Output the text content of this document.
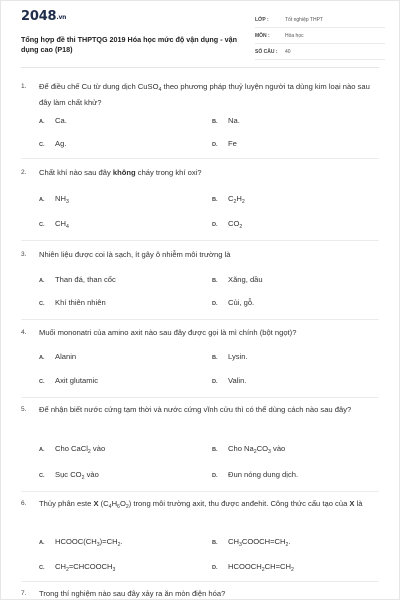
2048.vn
Tổng hợp đề thi THPTQG 2019 Hóa học mức độ vận dụng - vận dụng cao (P18)
LỚP :	Tốt nghiệp THPT
MÔN :	Hóa học
SỐ CÂU :	40
1.	Để điều chế Cu từ dung dịch CuSO$_4$ theo phương pháp thuỷ luyện người ta dùng kim loại nào sau đây làm chất khử?
A. Ca.	B. Na.
C. Ag.	D. Fe
2.	Chất khí nào sau đây không cháy trong khí oxi?
A. $NH_3$	B. $C_2H_2$
C. $CH_4$	D. $CO_2$
3.	Nhiên liệu được coi là sạch, ít gây ô nhiễm môi trường là
A. Than đá, than cốc	B. Xăng, dầu
C. Khí thiên nhiên	D. Củi, gỗ.
4.	Muối mononatri của amino axit nào sau đây được gọi là mì chính (bột ngọt)?
A. Alanin	B. Lysin.
C. Axit glutamic	D. Valin.
5.	Để nhận biết nước cứng tạm thời và nước cứng vĩnh cửu thì có thể dùng cách nào sau đây?
A. Cho CaCl$_2$ vào	B. Cho $Na_2CO_3$ vào
C. Sục $CO_2$ vào	D. Đun nóng dung dịch.
6.	Thủy phân este X $(C_4H_6O_2)$ trong môi trường axit, thu được anđehit. Công thức cấu tạo của X là
A. $HCOOC(CH_3)=CH_2$.	B. $CH_3COOCH=CH_2$.
C. $CH_2=CHCOOCH_3$	D. $HCOOCH_2CH=CH_2$
7.	Trong thí nghiệm nào sau đây xảy ra ăn mòn điện hóa?
